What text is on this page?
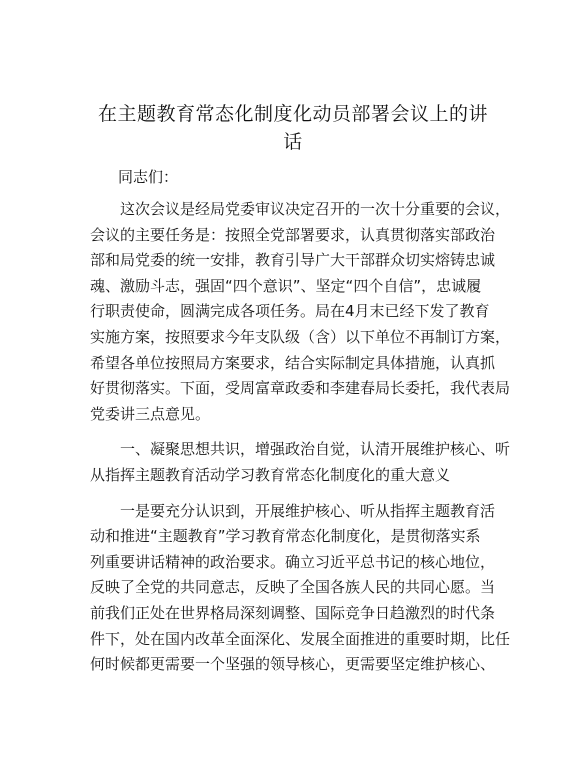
在主题教育常态化制度化动员部署会议上的讲
话
同志们：
　　这次会议是经局党委审议决定召开的一次十分重要的会议，
会议的主要任务是：按照全党部署要求，认真贯彻落实部政治
部和局党委的统一安排，教育引导广大干部群众切实熔铸忠诚
魂、激励斗志，强固“四个意识”、坚定“四个自信”，忠诚履
行职责使命，圆满完成各项任务。局在4月末已经下发了教育
实施方案，按照要求今年支队级（含）以下单位不再制订方案，
希望各单位按照局方案要求，结合实际制定具体措施，认真抓
好贯彻落实。下面，受周富章政委和李建春局长委托，我代表局
党委讲三点意见。
　　一、凝聚思想共识，增强政治自觉，认清开展维护核心、听
从指挥主题教育活动学习教育常态化制度化的重大意义
　　一是要充分认识到，开展维护核心、听从指挥主题教育活
动和推进“主题教育”学习教育常态化制度化，是贯彻落实系
列重要讲话精神的政治要求。确立习近平总书记的核心地位，
反映了全党的共同意志，反映了全国各族人民的共同心愿。当
前我们正处在世界格局深刻调整、国际竞争日趋激烈的时代条
件下，处在国内改革全面深化、发展全面推进的重要时期，比任
何时候都更需要一个坚强的领导核心，更需要坚定维护核心、
